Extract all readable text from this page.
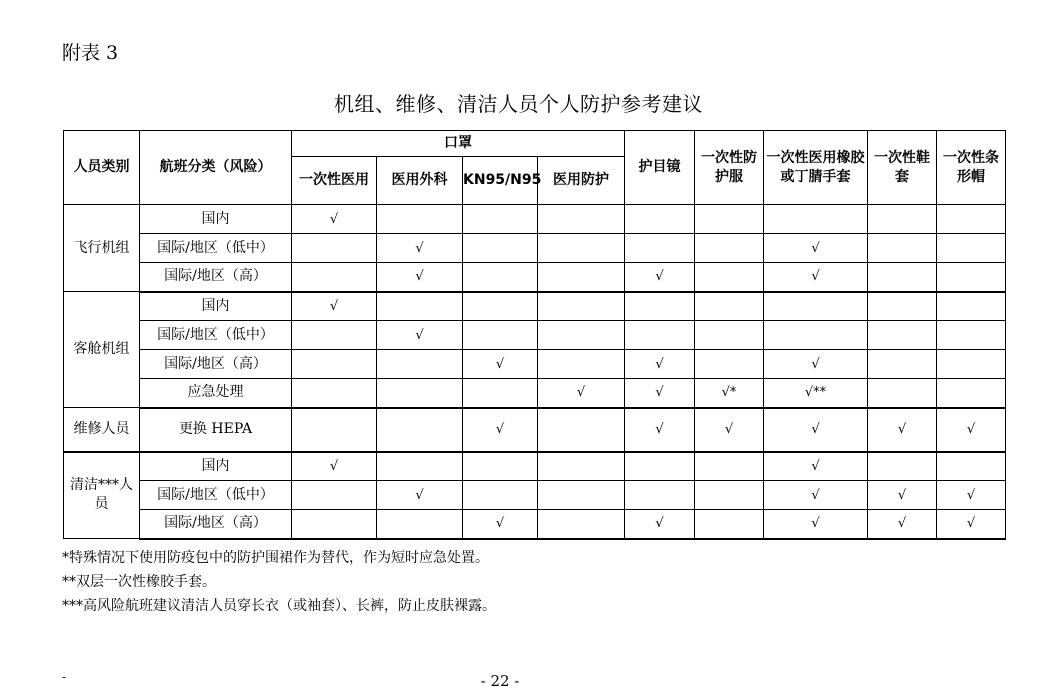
附表 3
机组、维修、清洁人员个人防护参考建议
人员类别	航班分类（风险）	口罩				护目镜	一次性防护服	一次性医用橡胶或丁腈手套	一次性鞋套	一次性条形帽
		一次性医用	医用外科	KN95/N95	医用防护					
飞行机组	国内	√								
	国际/地区（低中）		√					√		
	国际/地区（高）		√			√		√		
客舱机组	国内	√								
	国际/地区（低中）		√							
	国际/地区（高）			√		√		√		
	应急处理				√	√	√*	√**		
维修人员	更换 HEPA			√		√	√	√	√	√
清洁***人员	国内	√						√		
	国际/地区（低中）		√					√	√	√
	国际/地区（高）			√		√		√	√	√
*特殊情况下使用防疫包中的防护围裙作为替代，作为短时应急处置。
**双层一次性橡胶手套。
***高风险航班建议清洁人员穿长衣（或袖套）、长裤，防止皮肤裸露。
-	- 22 -
